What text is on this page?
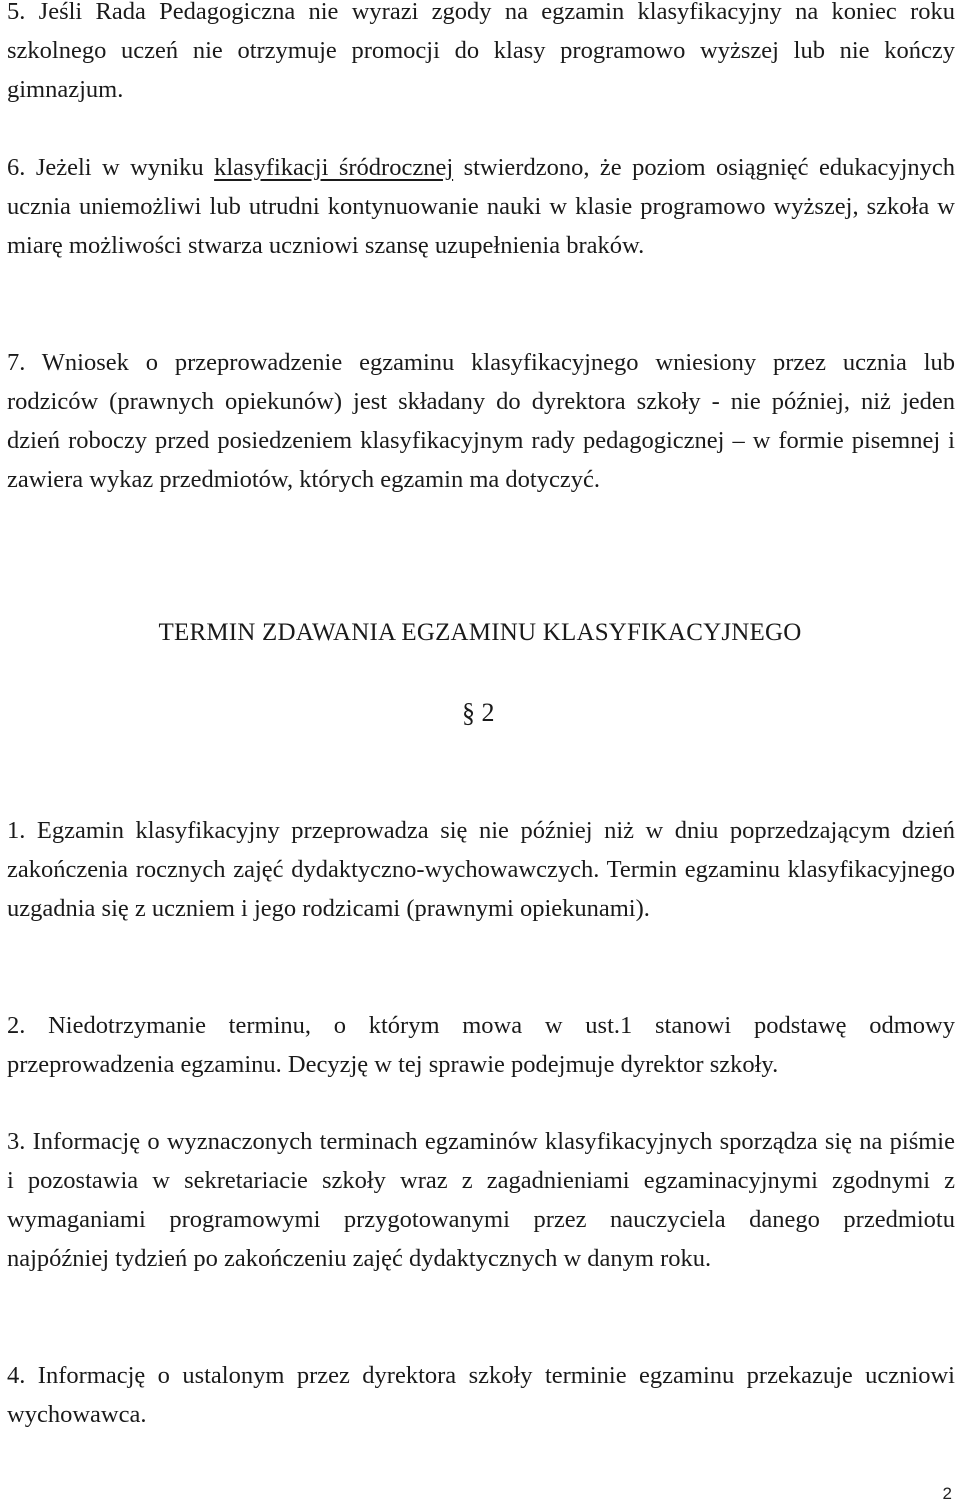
5. Jeśli Rada Pedagogiczna nie wyrazi zgody na egzamin klasyfikacyjny na koniec roku szkolnego uczeń nie otrzymuje promocji do klasy programowo wyższej lub nie kończy gimnazjum.

6. Jeżeli w wyniku klasyfikacji śródrocznej stwierdzono, że poziom osiągnięć edukacyjnych ucznia uniemożliwi lub utrudni kontynuowanie nauki w klasie programowo wyższej, szkoła w miarę możliwości stwarza uczniowi szansę uzupełnienia braków.

7. Wniosek o przeprowadzenie egzaminu klasyfikacyjnego wniesiony przez ucznia lub rodziców (prawnych opiekunów) jest składany do dyrektora szkoły - nie później, niż jeden dzień roboczy przed posiedzeniem klasyfikacyjnym rady pedagogicznej – w formie pisemnej i zawiera wykaz przedmiotów, których egzamin ma dotyczyć.

TERMIN ZDAWANIA EGZAMINU KLASYFIKACYJNEGO
§ 2

1. Egzamin klasyfikacyjny przeprowadza się nie później niż w dniu poprzedzającym dzień zakończenia rocznych zajęć dydaktyczno-wychowawczych. Termin egzaminu klasyfikacyjnego uzgadnia się z uczniem i jego rodzicami (prawnymi opiekunami).

2. Niedotrzymanie terminu, o którym mowa w ust.1 stanowi podstawę odmowy przeprowadzenia egzaminu. Decyzję w tej sprawie podejmuje dyrektor szkoły.

3. Informację o wyznaczonych terminach egzaminów klasyfikacyjnych sporządza się na piśmie i pozostawia w sekretariacie szkoły wraz z zagadnieniami egzaminacyjnymi zgodnymi z wymaganiami programowymi przygotowanymi przez nauczyciela danego przedmiotu najpóźniej tydzień po zakończeniu zajęć dydaktycznych w danym roku.

4. Informację o ustalonym przez dyrektora szkoły terminie egzaminu przekazuje uczniowi wychowawca.

2
